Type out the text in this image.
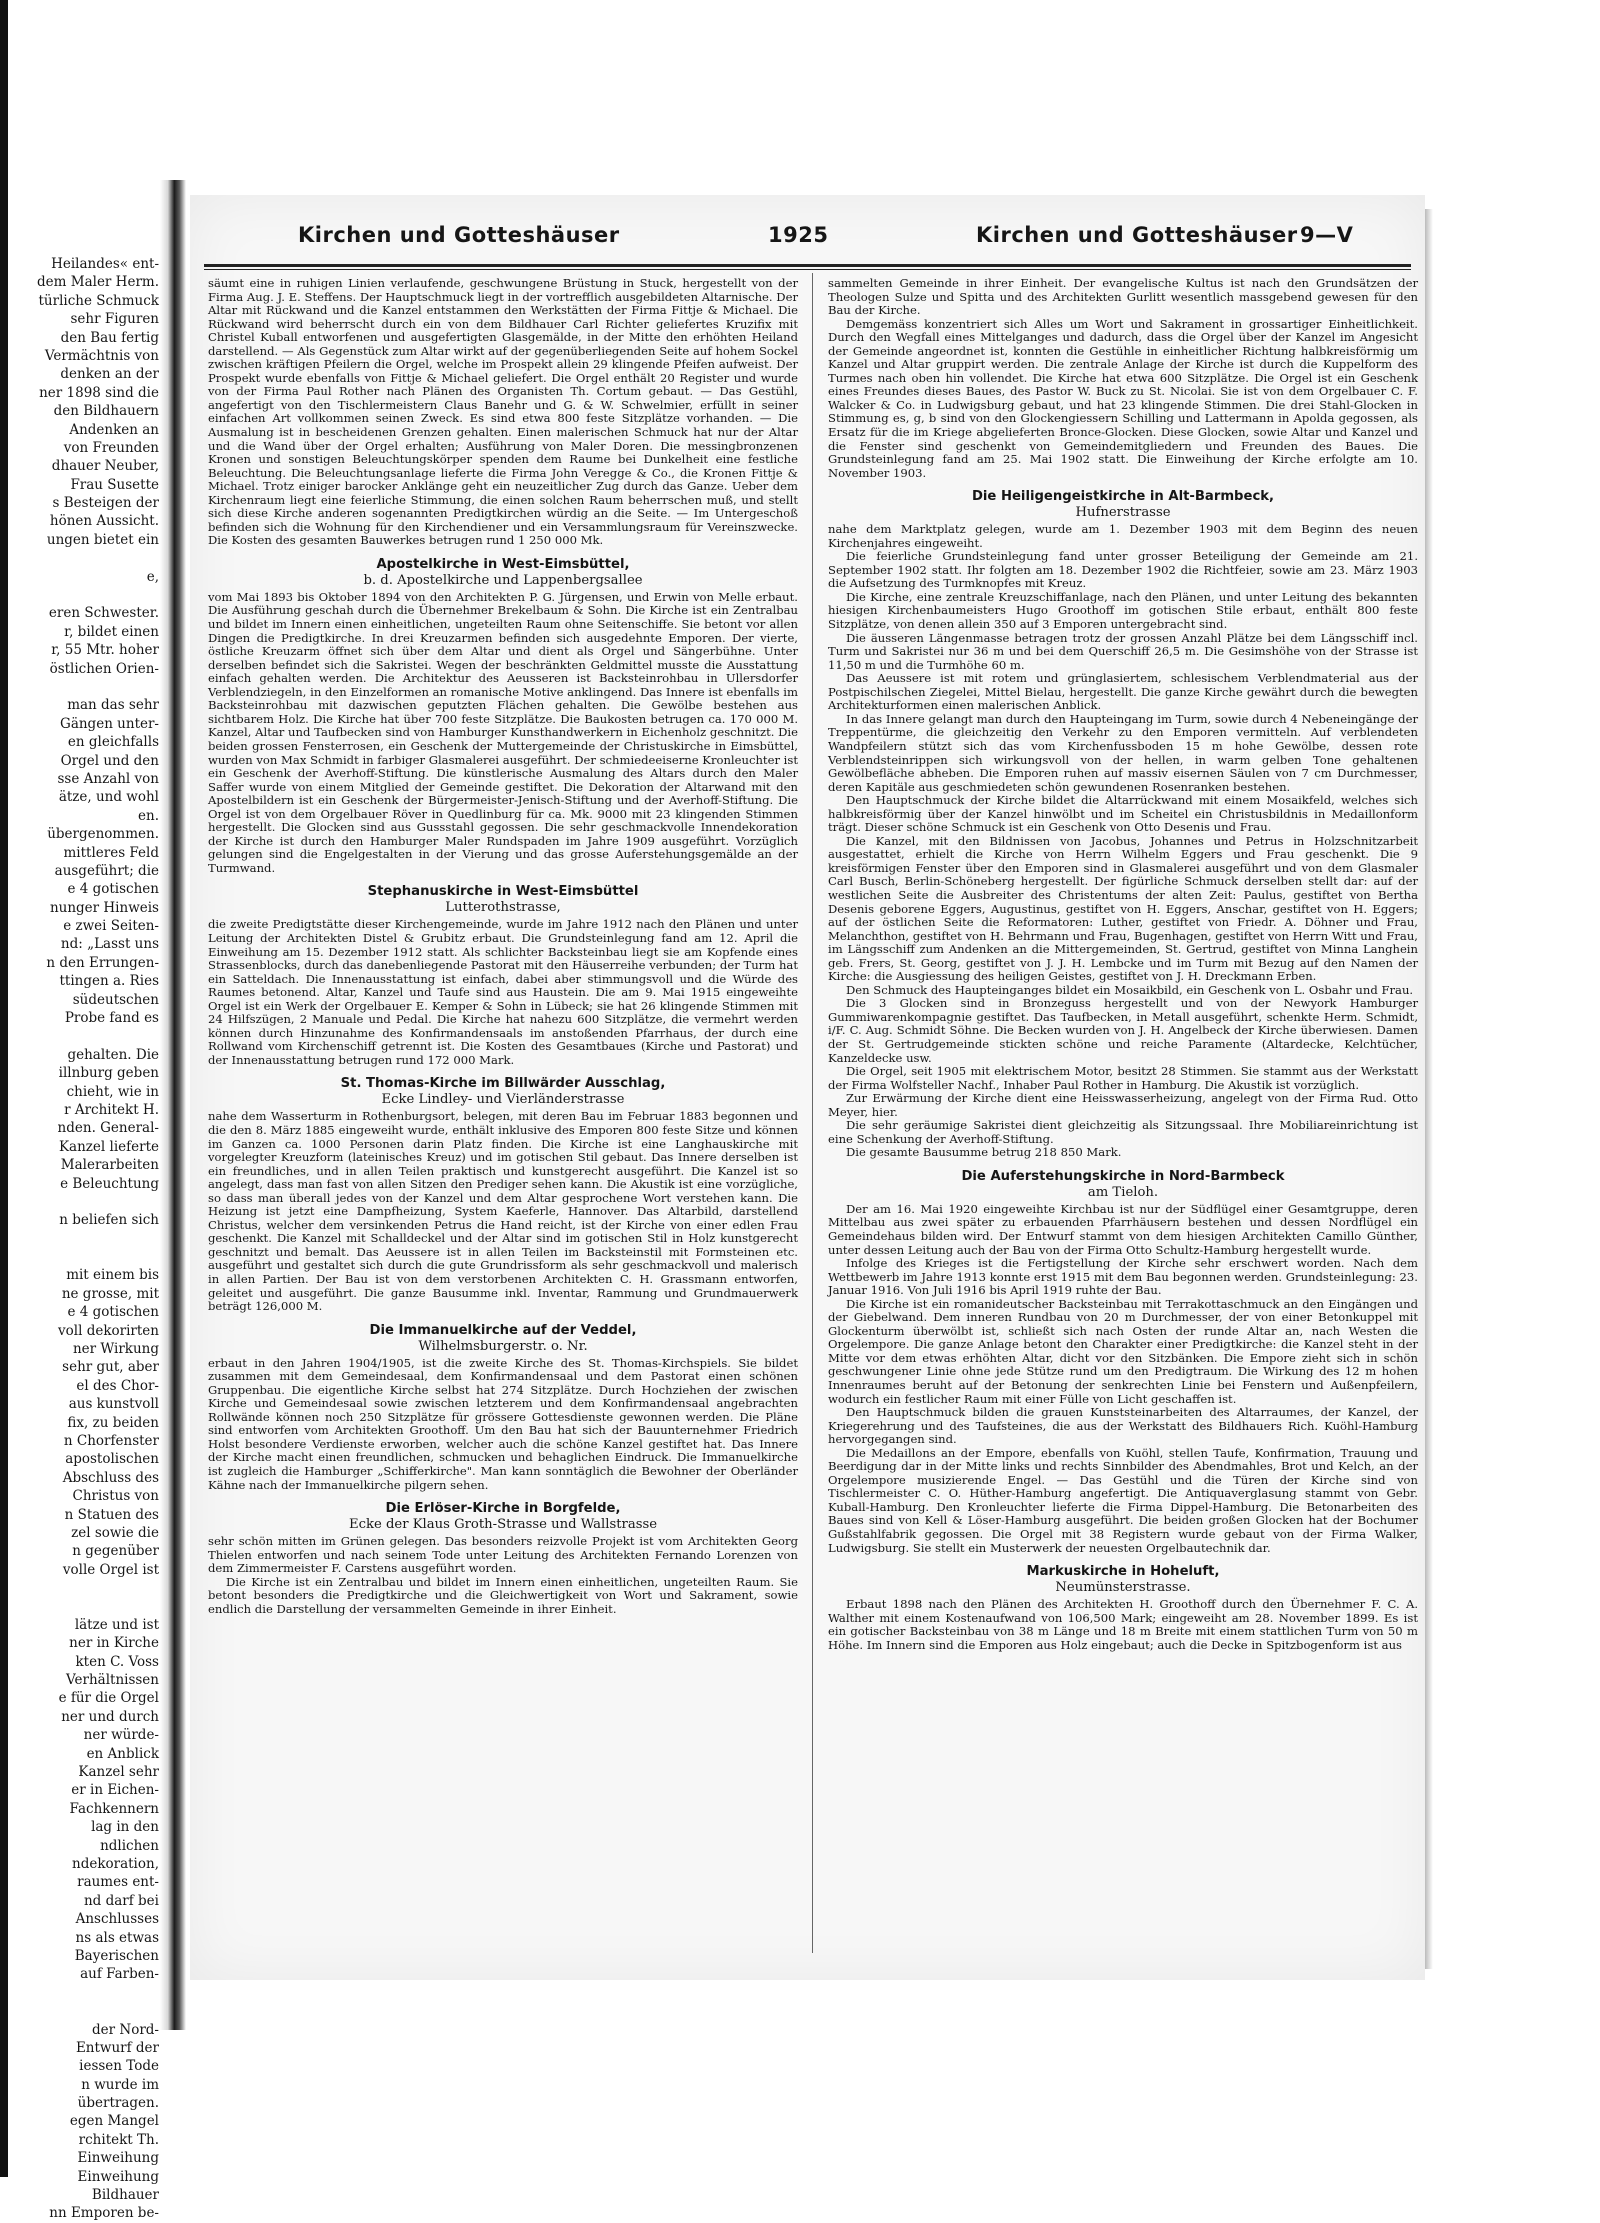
Heilandes« ent-
dem Maler Herm.
türliche Schmuck
sehr Figuren
den Bau fertig
Vermächtnis von
denken an der
ner 1898 sind die
den Bildhauern
Andenken an
von Freunden
dhauer Neuber,
Frau Susette
s Besteigen der
hönen Aussicht.
ungen bietet ein
e,
eren Schwester.
r, bildet einen
r, 55 Mtr. hoher
östlichen Orien-
man das sehr
Gängen unter-
en gleichfalls
Orgel und den
sse Anzahl von
ätze, und wohl
en.
übergenommen.
mittleres Feld
ausgeführt; die
e 4 gotischen
nunger Hinweis
e zwei Seiten-
nd: „Lasst uns
n den Errungen-
ttingen a. Ries
südeutschen
Probe fand es
gehalten. Die
illnburg geben
chieht, wie in
r Architekt H.
nden. General-
Kanzel lieferte
Malerarbeiten
e Beleuchtung
n beliefen sich
mit einem bis
ne grosse, mit
e 4 gotischen
voll dekorirten
ner Wirkung
sehr gut, aber
el des Chor-
aus kunstvoll
fix, zu beiden
n Chorfenster
apostolischen
Abschluss des
Christus von
n Statuen des
zel sowie die
n gegenüber
volle Orgel ist
lätze und ist
ner in Kirche
kten C. Voss
Verhältnissen
e für die Orgel
ner und durch
ner würde-
en Anblick
Kanzel sehr
er in Eichen-
Fachkennern
lag in den
ndlichen
ndekoration,
raumes ent-
nd darf bei
Anschlusses
ns als etwas
Bayerischen
auf Farben-
der Nord-
Entwurf der
iessen Tode
n wurde im
übertragen.
egen Mangel
rchitekt Th.
Einweihung
Einweihung
Bildhauer
nn Emporen be-
Kirchen und Gotteshäuser	1925	Kirchen und Gotteshäuser 9—V

säumt eine in ruhigen Linien verlaufende, geschwungene Brüstung in Stuck, hergestellt von der Firma Aug. J. E. Steffens. Der Hauptschmuck liegt in der vortrefflich ausgebildeten Altarnische. Der Altar mit Rückwand und die Kanzel entstammen den Werkstätten der Firma Fittje & Michael. Die Rückwand wird beherrscht durch ein von dem Bildhauer Carl Richter geliefertes Kruzifix mit Christel Kuball entworfenen und ausgefertigten Glasgemälde, in der Mitte den erhöhten Heiland darstellend. — Als Gegenstück zum Altar wirkt auf der gegenüberliegenden Seite auf hohem Sockel zwischen kräftigen Pfeilern die Orgel, welche im Prospekt allein 29 klingende Pfeifen aufweist. Der Prospekt wurde ebenfalls von Fittje & Michael geliefert. Die Orgel enthält 20 Register und wurde von der Firma Paul Rother nach Plänen des Organisten Th. Cortum gebaut. — Das Gestühl, angefertigt von den Tischlermeistern Claus Banehr und G. & W. Schwelmier, erfüllt in seiner einfachen Art vollkommen seinen Zweck. Es sind etwa 800 feste Sitzplätze vorhanden. — Die Ausmalung ist in bescheidenen Grenzen gehalten. Einen malerischen Schmuck hat nur der Altar und die Wand über der Orgel erhalten; Ausführung von Maler Doren. Die messingbronzenen Kronen und sonstigen Beleuchtungskörper spenden dem Raume bei Dunkelheit eine festliche Beleuchtung. Die Beleuchtungsanlage lieferte die Firma John Veregge & Co., die Kronen Fittje & Michael. Trotz einiger barocker Anklänge geht ein neuzeitlicher Zug durch das Ganze. Ueber dem Kirchenraum liegt eine feierliche Stimmung, die einen solchen Raum beherrschen muß, und stellt sich diese Kirche anderen sogenannten Predigtkirchen würdig an die Seite. — Im Untergeschoß befinden sich die Wohnung für den Kirchendiener und ein Versammlungsraum für Vereinszwecke. Die Kosten des gesamten Bauwerkes betrugen rund 1 250 000 Mk.

Apostelkirche in West-Eimsbüttel,
b. d. Apostelkirche und Lappenbergsallee

vom Mai 1893 bis Oktober 1894 von den Architekten P. G. Jürgensen, und Erwin von Melle erbaut. Die Ausführung geschah durch die Übernehmer Brekelbaum & Sohn. Die Kirche ist ein Zentralbau und bildet im Innern einen einheitlichen, ungeteilten Raum ohne Seitenschiffe. Sie betont vor allen Dingen die Predigtkirche. In drei Kreuzarmen befinden sich ausgedehnte Emporen. Der vierte, östliche Kreuzarm öffnet sich über dem Altar und dient als Orgel und Sängerbühne. Unter derselben befindet sich die Sakristei. Wegen der beschränkten Geldmittel musste die Ausstattung einfach gehalten werden. Die Architektur des Aeusseren ist Backsteinrohbau in Ullersdorfer Verblendziegeln, in den Einzelformen an romanische Motive anklingend. Das Innere ist ebenfalls im Backsteinrohbau mit dazwischen geputzten Flächen gehalten. Die Gewölbe bestehen aus sichtbarem Holz. Die Kirche hat über 700 feste Sitzplätze. Die Baukosten betrugen ca. 170 000 M. Kanzel, Altar und Taufbecken sind von Hamburger Kunsthandwerkern in Eichenholz geschnitzt. Die beiden grossen Fensterrosen, ein Geschenk der Muttergemeinde der Christuskirche in Eimsbüttel, wurden von Max Schmidt in farbiger Glasmalerei ausgeführt. Der schmiedeeiserne Kronleuchter ist ein Geschenk der Averhoff-Stiftung. Die künstlerische Ausmalung des Altars durch den Maler Saffer wurde von einem Mitglied der Gemeinde gestiftet. Die Dekoration der Altarwand mit den Apostelbildern ist ein Geschenk der Bürgermeister-Jenisch-Stiftung und der Averhoff-Stiftung. Die Orgel ist von dem Orgelbauer Röver in Quedlinburg für ca. Mk. 9000 mit 23 klingenden Stimmen hergestellt. Die Glocken sind aus Gussstahl gegossen. Die sehr geschmackvolle Innendekoration der Kirche ist durch den Hamburger Maler Rundspaden im Jahre 1909 ausgeführt. Vorzüglich gelungen sind die Engelgestalten in der Vierung und das grosse Auferstehungsgemälde an der Turmwand.

Stephanuskirche in West-Eimsbüttel
Lutterothstrasse,

die zweite Predigtstätte dieser Kirchengemeinde, wurde im Jahre 1912 nach den Plänen und unter Leitung der Architekten Distel & Grubitz erbaut. Die Grundsteinlegung fand am 12. April die Einweihung am 15. Dezember 1912 statt. Als schlichter Backsteinbau liegt sie am Kopfende eines Strassenblocks, durch das danebenliegende Pastorat mit den Häuserreihe verbunden; der Turm hat ein Satteldach. Die Innenausstattung ist einfach, dabei aber stimmungsvoll und die Würde des Raumes betonend. Altar, Kanzel und Taufe sind aus Haustein. Die am 9. Mai 1915 eingeweihte Orgel ist ein Werk der Orgelbauer E. Kemper & Sohn in Lübeck; sie hat 26 klingende Stimmen mit 24 Hilfszügen, 2 Manuale und Pedal. Die Kirche hat nahezu 600 Sitzplätze, die vermehrt werden können durch Hinzunahme des Konfirmandensaals im anstoßenden Pfarrhaus, der durch eine Rollwand vom Kirchenschiff getrennt ist. Die Kosten des Gesamtbaues (Kirche und Pastorat) und der Innenausstattung betrugen rund 172 000 Mark.

St. Thomas-Kirche im Billwärder Ausschlag,
Ecke Lindley- und Vierländerstrasse

nahe dem Wasserturm in Rothenburgsort, belegen, mit deren Bau im Februar 1883 begonnen und die den 8. März 1885 eingeweiht wurde, enthält inklusive des Emporen 800 feste Sitze und können im Ganzen ca. 1000 Personen darin Platz finden. Die Kirche ist eine Langhauskirche mit vorgelegter Kreuzform (lateinisches Kreuz) und im gotischen Stil gebaut. Das Innere derselben ist ein freundliches, und in allen Teilen praktisch und kunstgerecht ausgeführt. Die Kanzel ist so angelegt, dass man fast von allen Sitzen den Prediger sehen kann. Die Akustik ist eine vorzügliche, so dass man überall jedes von der Kanzel und dem Altar gesprochene Wort verstehen kann. Die Heizung ist jetzt eine Dampfheizung, System Kaeferle, Hannover. Das Altarbild, darstellend Christus, welcher dem versinkenden Petrus die Hand reicht, ist der Kirche von einer edlen Frau geschenkt. Die Kanzel mit Schalldeckel und der Altar sind im gotischen Stil in Holz kunstgerecht geschnitzt und bemalt. Das Aeussere ist in allen Teilen im Backsteinstil mit Formsteinen etc. ausgeführt und gestaltet sich durch die gute Grundrissform als sehr geschmackvoll und malerisch in allen Partien. Der Bau ist von dem verstorbenen Architekten C. H. Grassmann entworfen, geleitet und ausgeführt. Die ganze Bausumme inkl. Inventar, Rammung und Grundmauerwerk beträgt 126,000 M.

Die Immanuelkirche auf der Veddel,
Wilhelmsburgerstr. o. Nr.

erbaut in den Jahren 1904/1905, ist die zweite Kirche des St. Thomas-Kirchspiels. Sie bildet zusammen mit dem Gemeindesaal, dem Konfirmandensaal und dem Pastorat einen schönen Gruppenbau. Die eigentliche Kirche selbst hat 274 Sitzplätze. Durch Hochziehen der zwischen Kirche und Gemeindesaal sowie zwischen letzterem und dem Konfirmandensaal angebrachten Rollwände können noch 250 Sitzplätze für grössere Gottesdienste gewonnen werden. Die Pläne sind entworfen vom Architekten Groothoff. Um den Bau hat sich der Bauunternehmer Friedrich Holst besondere Verdienste erworben, welcher auch die schöne Kanzel gestiftet hat. Das Innere der Kirche macht einen freundlichen, schmucken und behaglichen Eindruck. Die Immanuelkirche ist zugleich die Hamburger „Schifferkirche". Man kann sonntäglich die Bewohner der Oberländer Kähne nach der Immanuelkirche pilgern sehen.

Die Erlöser-Kirche in Borgfelde,
Ecke der Klaus Groth-Strasse und Wallstrasse

sehr schön mitten im Grünen gelegen. Das besonders reizvolle Projekt ist vom Architekten Georg Thielen entworfen und nach seinem Tode unter Leitung des Architekten Fernando Lorenzen von dem Zimmermeister F. Carstens ausgeführt worden.

Die Kirche ist ein Zentralbau und bildet im Innern einen einheitlichen, ungeteilten Raum. Sie betont besonders die Predigtkirche und die Gleichwertigkeit von Wort und Sakrament, sowie endlich die Darstellung der versammelten Gemeinde in ihrer Einheit.

sammelten Gemeinde in ihrer Einheit. Der evangelische Kultus ist nach den Grundsätzen der Theologen Sulze und Spitta und des Architekten Gurlitt wesentlich massgebend gewesen für den Bau der Kirche.

Demgemäss konzentriert sich Alles um Wort und Sakrament in grossartiger Einheitlichkeit. Durch den Wegfall eines Mittelganges und dadurch, dass die Orgel über der Kanzel im Angesicht der Gemeinde angeordnet ist, konnten die Gestühle in einheitlicher Richtung halbkreisförmig um Kanzel und Altar gruppirt werden. Die zentrale Anlage der Kirche ist durch die Kuppelform des Turmes nach oben hin vollendet. Die Kirche hat etwa 600 Sitzplätze. Die Orgel ist ein Geschenk eines Freundes dieses Baues, des Pastor W. Buck zu St. Nicolai. Sie ist von dem Orgelbauer C. F. Walcker & Co. in Ludwigsburg gebaut, und hat 23 klingende Stimmen. Die drei Stahl-Glocken in Stimmung es, g, b sind von den Glockengiessern Schilling und Lattermann in Apolda gegossen, als Ersatz für die im Kriege abgelieferten Bronce-Glocken. Diese Glocken, sowie Altar und Kanzel und die Fenster sind geschenkt von Gemeindemitgliedern und Freunden des Baues. Die Grundsteinlegung fand am 25. Mai 1902 statt. Die Einweihung der Kirche erfolgte am 10. November 1903.

Die Heiligengeistkirche in Alt-Barmbeck,
Hufnerstrasse

nahe dem Marktplatz gelegen, wurde am 1. Dezember 1903 mit dem Beginn des neuen Kirchenjahres eingeweiht.

Die feierliche Grundsteinlegung fand unter grosser Beteiligung der Gemeinde am 21. September 1902 statt. Ihr folgten am 18. Dezember 1902 die Richtfeier, sowie am 23. März 1903 die Aufsetzung des Turmknopfes mit Kreuz.

Die Kirche, eine zentrale Kreuzschiffanlage, nach den Plänen, und unter Leitung des bekannten hiesigen Kirchenbaumeisters Hugo Groothoff im gotischen Stile erbaut, enthält 800 feste Sitzplätze, von denen allein 350 auf 3 Emporen untergebracht sind.

Die äusseren Längenmasse betragen trotz der grossen Anzahl Plätze bei dem Längsschiff incl. Turm und Sakristei nur 36 m und bei dem Querschiff 26,5 m. Die Gesimshöhe von der Strasse ist 11,50 m und die Turmhöhe 60 m.

Das Aeussere ist mit rotem und grünglasiertem, schlesischem Verblendmaterial aus der Postpischilschen Ziegelei, Mittel Bielau, hergestellt. Die ganze Kirche gewährt durch die bewegten Architekturformen einen malerischen Anblick.

In das Innere gelangt man durch den Haupteingang im Turm, sowie durch 4 Nebeneingänge der Treppentürme, die gleichzeitig den Verkehr zu den Emporen vermitteln. Auf verblendeten Wandpfeilern stützt sich das vom Kirchenfussboden 15 m hohe Gewölbe, dessen rote Verblendsteinrippen sich wirkungsvoll von der hellen, in warm gelben Tone gehaltenen Gewölbefläche abheben. Die Emporen ruhen auf massiv eisernen Säulen von 7 cm Durchmesser, deren Kapitäle aus geschmiedeten schön gewundenen Rosenranken bestehen.

Den Hauptschmuck der Kirche bildet die Altarrückwand mit einem Mosaikfeld, welches sich halbkreisförmig über der Kanzel hinwölbt und im Scheitel ein Christusbildnis in Medaillonform trägt. Dieser schöne Schmuck ist ein Geschenk von Otto Desenis und Frau.

Die Kanzel, mit den Bildnissen von Jacobus, Johannes und Petrus in Holzschnitzarbeit ausgestattet, erhielt die Kirche von Herrn Wilhelm Eggers und Frau geschenkt. Die 9 kreisförmigen Fenster über den Emporen sind in Glasmalerei ausgeführt und von dem Glasmaler Carl Busch, Berlin-Schöneberg hergestellt. Der figürliche Schmuck derselben stellt dar: auf der westlichen Seite die Ausbreiter des Christentums der alten Zeit: Paulus, gestiftet von Bertha Desenis geborene Eggers, Augustinus, gestiftet von H. Eggers, Anschar, gestiftet von H. Eggers; auf der östlichen Seite die Reformatoren: Luther, gestiftet von Friedr. A. Döhner und Frau, Melanchthon, gestiftet von H. Behrmann und Frau, Bugenhagen, gestiftet von Herrn Witt und Frau, im Längsschiff zum Andenken an die Mittergemeinden, St. Gertrud, gestiftet von Minna Langhein geb. Frers, St. Georg, gestiftet von J. J. H. Lembcke und im Turm mit Bezug auf den Namen der Kirche: die Ausgiessung des heiligen Geistes, gestiftet von J. H. Dreckmann Erben.

Den Schmuck des Haupteinganges bildet ein Mosaikbild, ein Geschenk von L. Osbahr und Frau.

Die 3 Glocken sind in Bronzeguss hergestellt und von der Newyork Hamburger Gummiwarenkompagnie gestiftet. Das Taufbecken, in Metall ausgeführt, schenkte Herm. Schmidt, i/F. C. Aug. Schmidt Söhne. Die Becken wurden von J. H. Angelbeck der Kirche überwiesen. Damen der St. Gertrudgemeinde stickten schöne und reiche Paramente (Altardecke, Kelchtücher, Kanzeldecke usw.

Die Orgel, seit 1905 mit elektrischem Motor, besitzt 28 Stimmen. Sie stammt aus der Werkstatt der Firma Wolfsteller Nachf., Inhaber Paul Rother in Hamburg. Die Akustik ist vorzüglich.

Zur Erwärmung der Kirche dient eine Heisswasserheizung, angelegt von der Firma Rud. Otto Meyer, hier.

Die sehr geräumige Sakristei dient gleichzeitig als Sitzungssaal. Ihre Mobiliareinrichtung ist eine Schenkung der Averhoff-Stiftung.

Die gesamte Bausumme betrug 218 850 Mark.

Die Auferstehungskirche in Nord-Barmbeck
am Tieloh.

Der am 16. Mai 1920 eingeweihte Kirchbau ist nur der Südflügel einer Gesamtgruppe, deren Mittelbau aus zwei später zu erbauenden Pfarrhäusern bestehen und dessen Nordflügel ein Gemeindehaus bilden wird. Der Entwurf stammt von dem hiesigen Architekten Camillo Günther, unter dessen Leitung auch der Bau von der Firma Otto Schultz-Hamburg hergestellt wurde.

Infolge des Krieges ist die Fertigstellung der Kirche sehr erschwert worden. Nach dem Wettbewerb im Jahre 1913 konnte erst 1915 mit dem Bau begonnen werden. Grundsteinlegung: 23. Januar 1916. Von Juli 1916 bis April 1919 ruhte der Bau.

Die Kirche ist ein romanideutscher Backsteinbau mit Terrakottaschmuck an den Eingängen und der Giebelwand. Dem inneren Rundbau von 20 m Durchmesser, der von einer Betonkuppel mit Glockenturm überwölbt ist, schließt sich nach Osten der runde Altar an, nach Westen die Orgelempore. Die ganze Anlage betont den Charakter einer Predigtkirche: die Kanzel steht in der Mitte vor dem etwas erhöhten Altar, dicht vor den Sitzbänken. Die Empore zieht sich in schön geschwungener Linie ohne jede Stütze rund um den Predigtraum. Die Wirkung des 12 m hohen Innenraumes beruht auf der Betonung der senkrechten Linie bei Fenstern und Außenpfeilern, wodurch ein festlicher Raum mit einer Fülle von Licht geschaffen ist.

Den Hauptschmuck bilden die grauen Kunststeinarbeiten des Altarraumes, der Kanzel, der Kriegerehrung und des Taufsteines, die aus der Werkstatt des Bildhauers Rich. Kuöhl-Hamburg hervorgegangen sind.

Die Medaillons an der Empore, ebenfalls von Kuöhl, stellen Taufe, Konfirmation, Trauung und Beerdigung dar in der Mitte links und rechts Sinnbilder des Abendmahles, Brot und Kelch, an der Orgelempore musizierende Engel. — Das Gestühl und die Türen der Kirche sind von Tischlermeister C. O. Hüther-Hamburg angefertigt. Die Antiquaverglasung stammt von Gebr. Kuball-Hamburg. Den Kronleuchter lieferte die Firma Dippel-Hamburg. Die Betonarbeiten des Baues sind von Kell & Löser-Hamburg ausgeführt. Die beiden großen Glocken hat der Bochumer Gußstahlfabrik gegossen. Die Orgel mit 38 Registern wurde gebaut von der Firma Walker, Ludwigsburg. Sie stellt ein Musterwerk der neuesten Orgelbautechnik dar.

Markuskirche in Hoheluft,
Neumünsterstrasse.

Erbaut 1898 nach den Plänen des Architekten H. Groothoff durch den Übernehmer F. C. A. Walther mit einem Kostenaufwand von 106,500 Mark; eingeweiht am 28. November 1899. Es ist ein gotischer Backsteinbau von 38 m Länge und 18 m Breite mit einem stattlichen Turm von 50 m Höhe. Im Innern sind die Emporen aus Holz eingebaut; auch die Decke in Spitzbogenform ist aus
